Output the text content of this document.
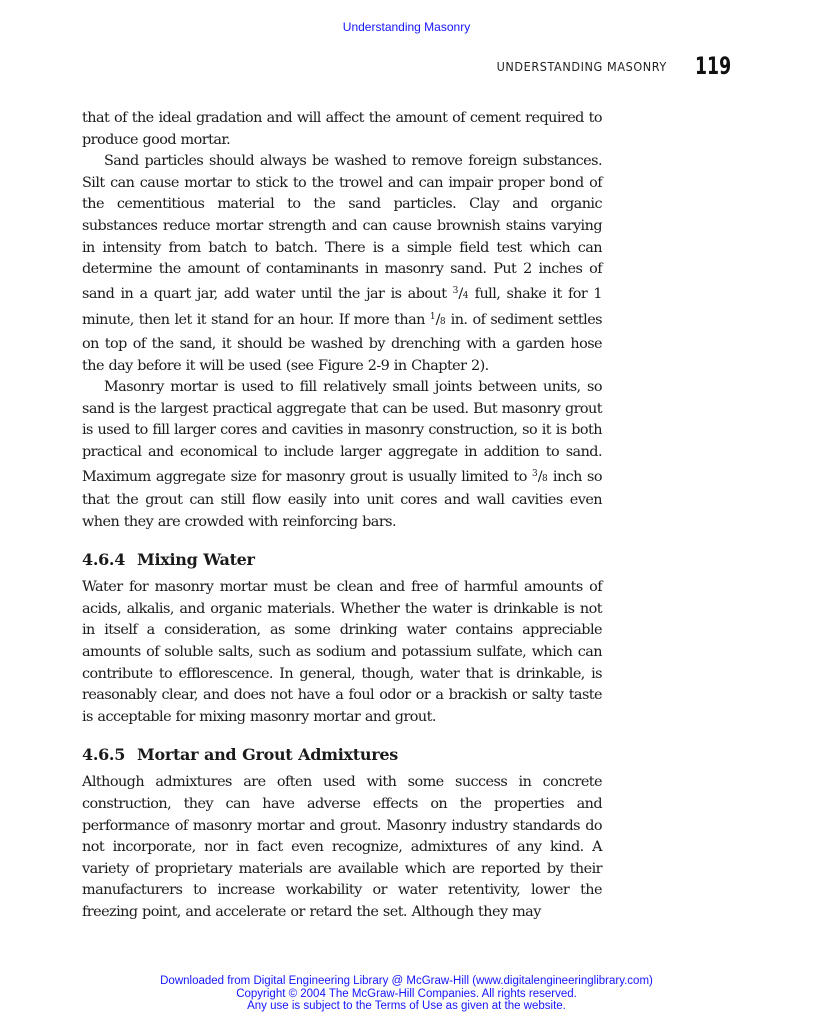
Understanding Masonry
UNDERSTANDING MASONRY 119

that of the ideal gradation and will affect the amount of cement required to produce good mortar.

Sand particles should always be washed to remove foreign substances. Silt can cause mortar to stick to the trowel and can impair proper bond of the cementitious material to the sand particles. Clay and organic substances reduce mortar strength and can cause brownish stains varying in intensity from batch to batch. There is a simple field test which can determine the amount of contaminants in masonry sand. Put 2 inches of sand in a quart jar, add water until the jar is about $^3$/4 full, shake it for 1 minute, then let it stand for an hour. If more than $^1$/8 in. of sediment settles on top of the sand, it should be washed by drenching with a garden hose the day before it will be used (see Figure 2-9 in Chapter 2).

Masonry mortar is used to fill relatively small joints between units, so sand is the largest practical aggregate that can be used. But masonry grout is used to fill larger cores and cavities in masonry construction, so it is both practical and economical to include larger aggregate in addition to sand. Maximum aggregate size for masonry grout is usually limited to $^3$/8 inch so that the grout can still flow easily into unit cores and wall cavities even when they are crowded with reinforcing bars.

4.6.4 Mixing Water

Water for masonry mortar must be clean and free of harmful amounts of acids, alkalis, and organic materials. Whether the water is drinkable is not in itself a consideration, as some drinking water contains appreciable amounts of soluble salts, such as sodium and potassium sulfate, which can contribute to efflorescence. In general, though, water that is drinkable, is reasonably clear, and does not have a foul odor or a brackish or salty taste is acceptable for mixing masonry mortar and grout.

4.6.5 Mortar and Grout Admixtures

Although admixtures are often used with some success in concrete construction, they can have adverse effects on the properties and performance of masonry mortar and grout. Masonry industry standards do not incorporate, nor in fact even recognize, admixtures of any kind. A variety of proprietary materials are available which are reported by their manufacturers to increase workability or water retentivity, lower the freezing point, and accelerate or retard the set. Although they may

Downloaded from Digital Engineering Library @ McGraw-Hill (www.digitalengineeringlibrary.com)
Copyright © 2004 The McGraw-Hill Companies. All rights reserved.
Any use is subject to the Terms of Use as given at the website.
